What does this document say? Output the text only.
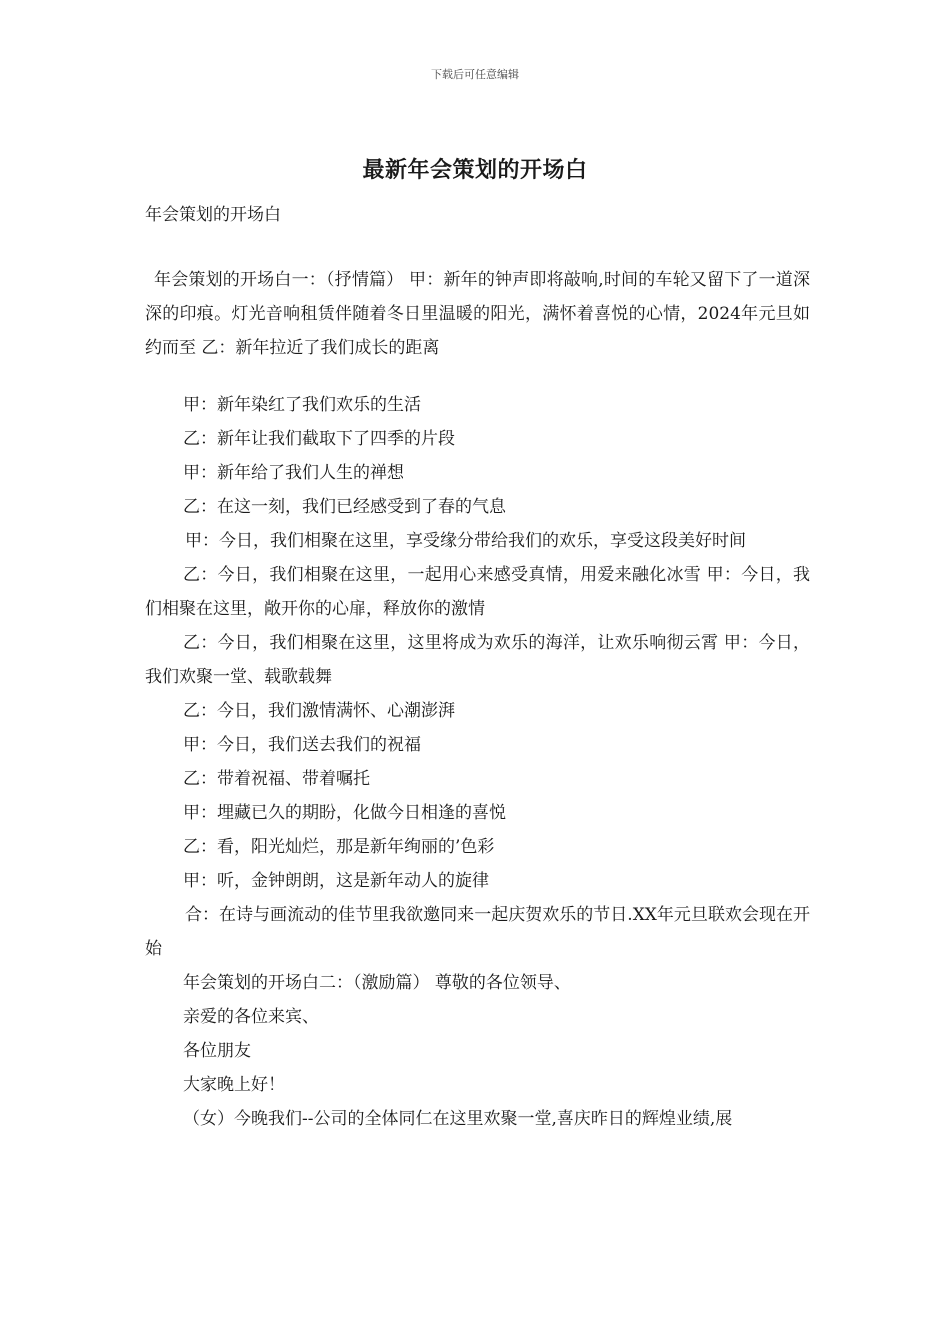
下载后可任意编辑
最新年会策划的开场白
年会策划的开场白

年会策划的开场白一：（抒情篇） 甲：新年的钟声即将敲响,时间的车轮又留下了一道深深的印痕。灯光音响租赁伴随着冬日里温暖的阳光，满怀着喜悦的心情，2024年元旦如约而至 乙：新年拉近了我们成长的距离

甲：新年染红了我们欢乐的生活

乙：新年让我们截取下了四季的片段

甲：新年给了我们人生的禅想

乙：在这一刻，我们已经感受到了春的气息

甲：今日，我们相聚在这里，享受缘分带给我们的欢乐，享受这段美好时间

乙：今日，我们相聚在这里，一起用心来感受真情，用爱来融化冰雪 甲：今日，我们相聚在这里，敞开你的心扉，释放你的激情

乙：今日，我们相聚在这里，这里将成为欢乐的海洋，让欢乐响彻云霄 甲：今日，我们欢聚一堂、载歌载舞

乙：今日，我们激情满怀、心潮澎湃

甲：今日，我们送去我们的祝福

乙：带着祝福、带着嘱托

甲：埋藏已久的期盼，化做今日相逢的喜悦

乙：看，阳光灿烂，那是新年绚丽的’色彩

甲：听，金钟朗朗，这是新年动人的旋律

合：在诗与画流动的佳节里我欲邀同来一起庆贺欢乐的节日.XX年元旦联欢会现在开始

年会策划的开场白二：（激励篇） 尊敬的各位领导、

亲爱的各位来宾、

各位朋友

大家晚上好！

（女）今晚我们--公司的全体同仁在这里欢聚一堂,喜庆昨日的辉煌业绩,展
